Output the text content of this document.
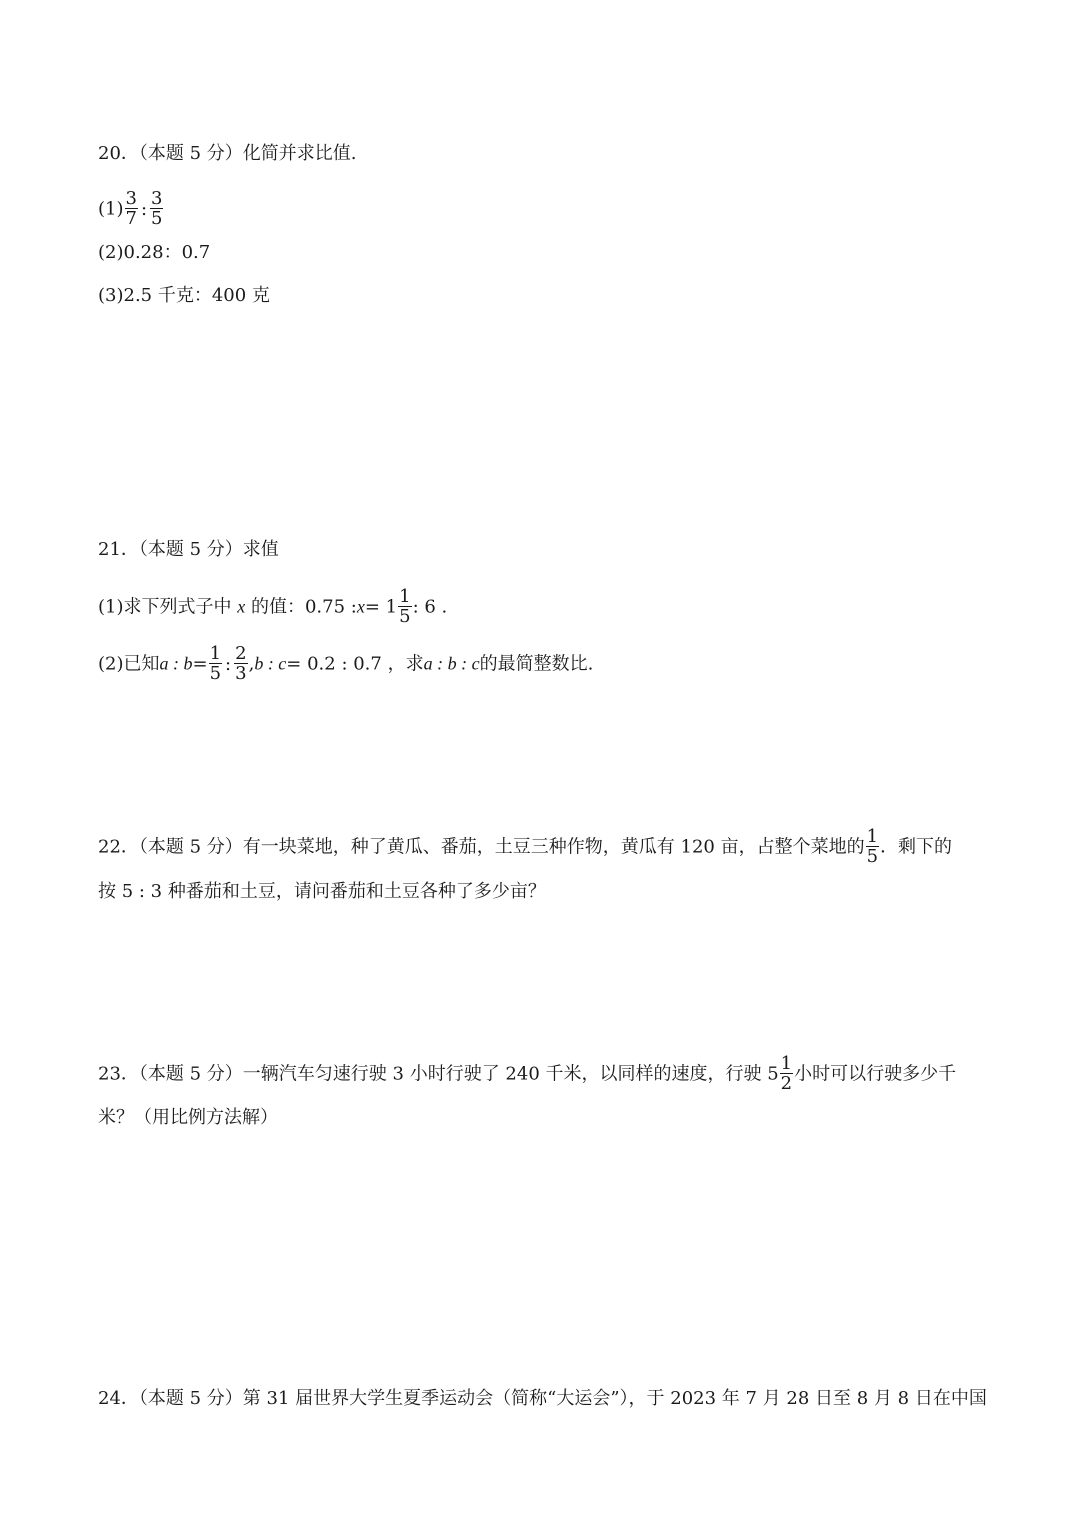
20．（本题 5 分）化简并求比值.
$(1) \frac{3}{7}$ : $\frac{3}{5}$
(2)0.28：0.7
(3)2.5 千克：400 克
21．（本题 5 分）求值
(1)求下列式子中 x 的值：0.75 :x= $1 \frac{1}{5}$ : 6 .
(2)已知a : $b= \frac{1}{5}$ : $\frac{2}{3} ,b$ : c= 0.2 : 0.7 ，求a : b : c的最简整数比.
22．（本题 5 分）有一块菜地，种了黄瓜、番茄，土豆三种作物，黄瓜有 120 亩，占整个菜地的 $\frac{1}{5}$ ．剩下的
按 5 : 3 种番茄和土豆，请问番茄和土豆各种了多少亩？
23．（本题 5 分）一辆汽车匀速行驶 3 小时行驶了 240 千米，以同样的速度，行驶 $5 \frac{1}{2}$ 小时可以行驶多少千
米？（用比例方法解）
24．（本题 5 分）第 31 届世界大学生夏季运动会（简称“大运会”），于 2023 年 7 月 28 日至 8 月 8 日在中国
